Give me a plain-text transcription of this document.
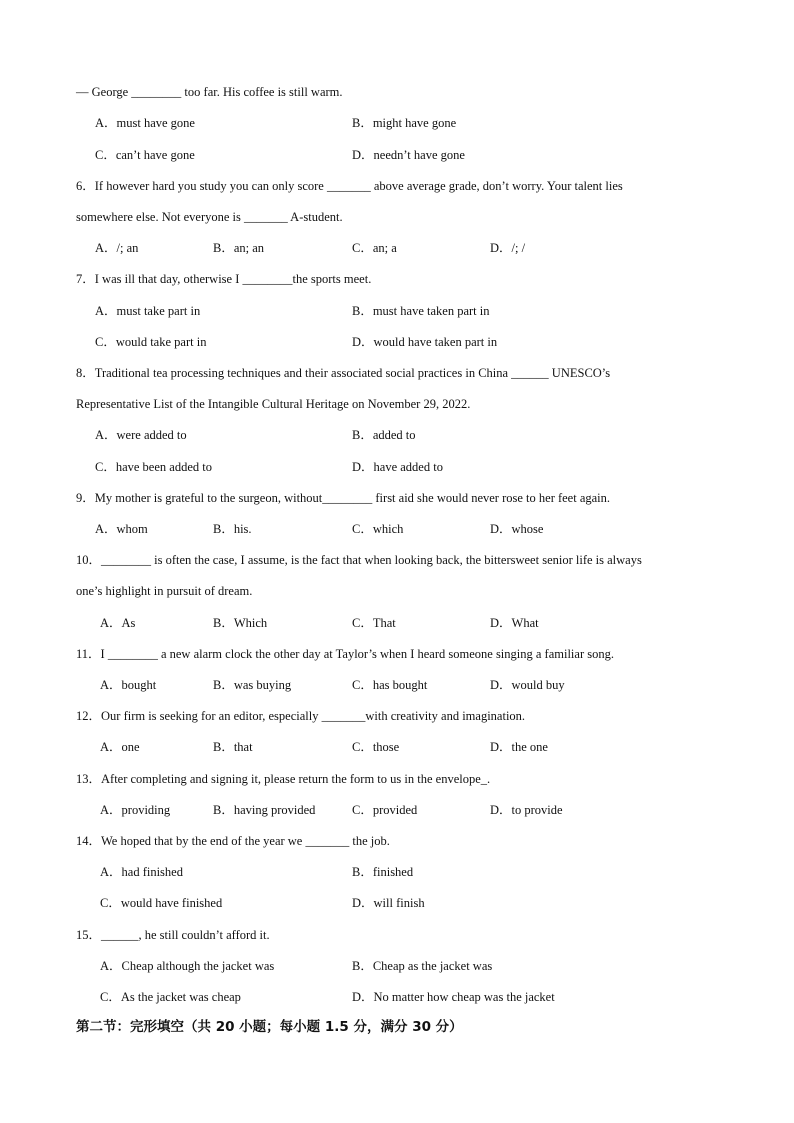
— George ________ too far. His coffee is still warm.
A．must have gone	B．might have gone
C．can’t have gone	D．needn’t have gone
6．If however hard you study you can only score _______ above average grade, don’t worry. Your talent lies
somewhere else. Not everyone is _______ A-student.
A．/; an	B．an; an	C．an; a	D．/; /
7．I was ill that day, otherwise I ________the sports meet.
A．must take part in	B．must have taken part in
C．would take part in	D．would have taken part in
8．Traditional tea processing techniques and their associated social practices in China ______ UNESCO’s
Representative List of the Intangible Cultural Heritage on November 29, 2022.
A．were added to	B．added to
C．have been added to	D．have added to
9．My mother is grateful to the surgeon, without________ first aid she would never rose to her feet again.
A．whom	B．his.	C．which	D．whose
10．________ is often the case, I assume, is the fact that when looking back, the bittersweet senior life is always
one’s highlight in pursuit of dream.
A．As	B．Which	C．That	D．What
11．I ________ a new alarm clock the other day at Taylor’s when I heard someone singing a familiar song.
A．bought	B．was buying	C．has bought	D．would buy
12．Our firm is seeking for an editor, especially _______with creativity and imagination.
A．one	B．that	C．those	D．the one
13．After completing and signing it, please return the form to us in the envelope_.
A．providing	B．having provided	C．provided	D．to provide
14．We hoped that by the end of the year we _______ the job.
A．had finished	B．finished
C．would have finished	D．will finish
15．______, he still couldn’t afford it.
A．Cheap although the jacket was	B．Cheap as the jacket was
C．As the jacket was cheap	D．No matter how cheap was the jacket
第二节：完形填空（共 20 小题；每小题 1.5 分，满分 30 分）
